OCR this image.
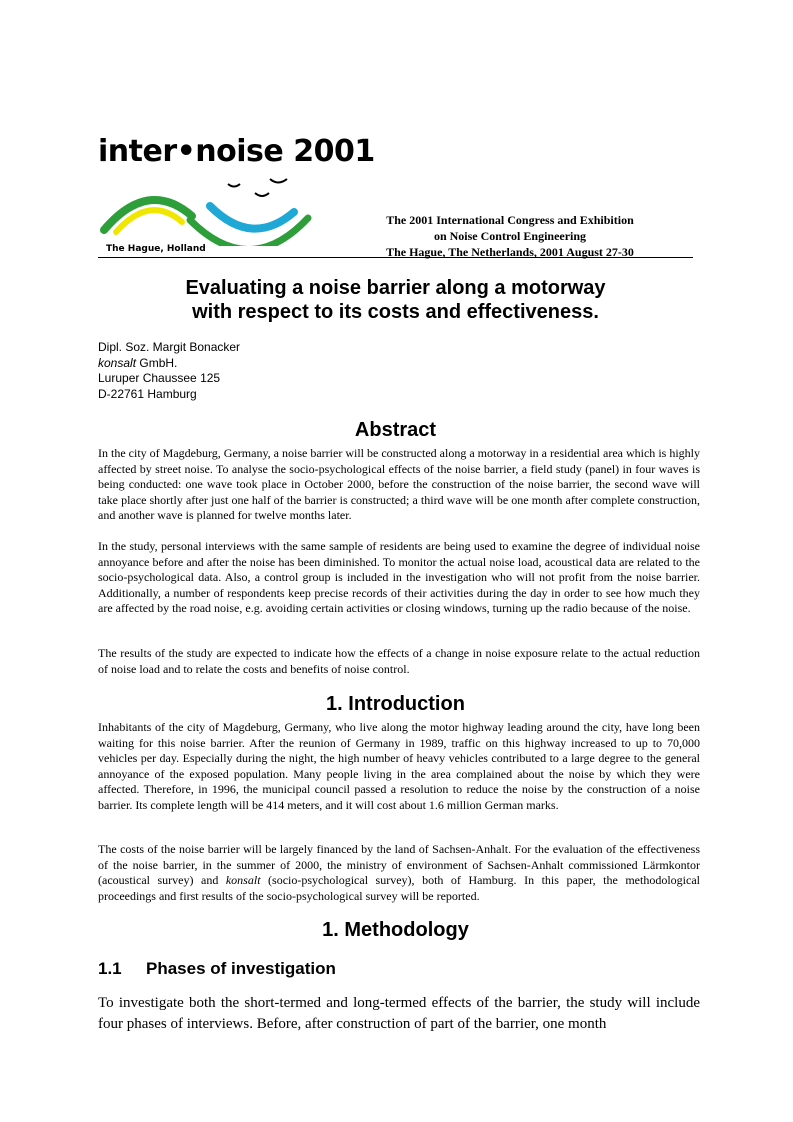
inter•noise 2001
The Hague, Holland
The 2001 International Congress and Exhibition
on Noise Control Engineering
The Hague, The Netherlands, 2001 August 27-30
Evaluating a noise barrier along a motorway
with respect to its costs and effectiveness.
Dipl. Soz. Margit Bonacker
konsalt GmbH.
Luruper Chaussee 125
D-22761 Hamburg
Abstract

In the city of Magdeburg, Germany, a noise barrier will be constructed along a motorway in a residential area which is highly affected by street noise. To analyse the socio-psychological effects of the noise barrier, a field study (panel) in four waves is being conducted: one wave took place in October 2000, before the construction of the noise barrier, the second wave will take place shortly after just one half of the barrier is constructed; a third wave will be one month after complete construction, and another wave is planned for twelve months later.

In the study, personal interviews with the same sample of residents are being used to examine the degree of individual noise annoyance before and after the noise has been diminished. To monitor the actual noise load, acoustical data are related to the socio-psychological data. Also, a control group is included in the investigation who will not profit from the noise barrier. Additionally, a number of respondents keep precise records of their activities during the day in order to see how much they are affected by the road noise, e.g. avoiding certain activities or closing windows, turning up the radio because of the noise.

The results of the study are expected to indicate how the effects of a change in noise exposure relate to the actual reduction of noise load and to relate the costs and benefits of noise control.

1. Introduction

Inhabitants of the city of Magdeburg, Germany, who live along the motor highway leading around the city, have long been waiting for this noise barrier. After the reunion of Germany in 1989, traffic on this highway increased to up to 70,000 vehicles per day. Especially during the night, the high number of heavy vehicles contributed to a large degree to the general annoyance of the exposed population. Many people living in the area complained about the noise by which they were affected. Therefore, in 1996, the municipal council passed a resolution to reduce the noise by the construction of a noise barrier. Its complete length will be 414 meters, and it will cost about 1.6 million German marks.

The costs of the noise barrier will be largely financed by the land of Sachsen-Anhalt. For the evaluation of the effectiveness of the noise barrier, in the summer of 2000, the ministry of environment of Sachsen-Anhalt commissioned Lärmkontor (acoustical survey) and konsalt (socio-psychological survey), both of Hamburg. In this paper, the methodological proceedings and first results of the socio-psychological survey will be reported.

1. Methodology
1.1 Phases of investigation

To investigate both the short-termed and long-termed effects of the barrier, the study will include four phases of interviews. Before, after construction of part of the barrier, one month
